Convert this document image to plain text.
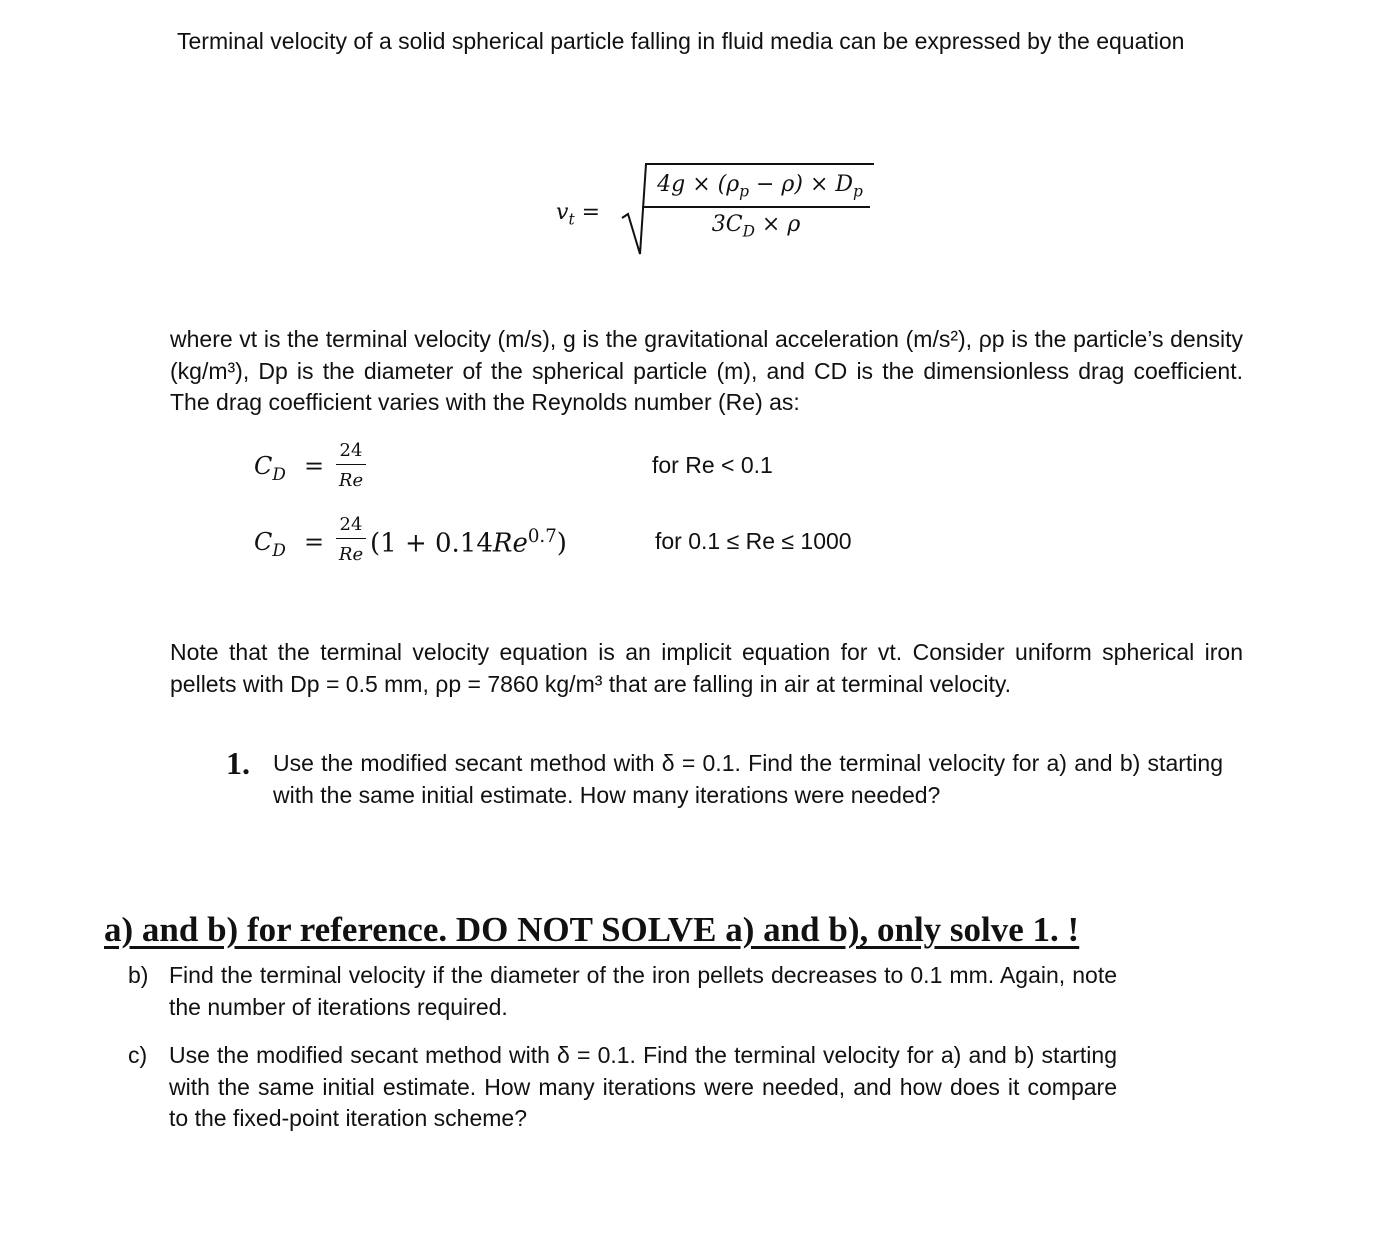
Terminal velocity of a solid spherical particle falling in fluid media can be expressed by the equation
$v_t$ =
$4g \times (\rho_p - \rho) \times D_p$
$3C_D \times \rho$
where vt is the terminal velocity (m/s), g is the gravitational acceleration (m/s²), ρp is the particle’s density (kg/m³), Dp is the diameter of the spherical particle (m), and CD is the dimensionless drag coefficient. The drag coefficient varies with the Reynolds number (Re) as:
$C_D$ =
24
Re
for Re < 0.1
$C_D$ =
24
Re $(1 + 0.14Re^{0.7})$	for 0.1 ≤ Re ≤ 1000
Note that the terminal velocity equation is an implicit equation for vt. Consider uniform spherical iron pellets with Dp = 0.5 mm, ρp = 7860 kg/m³ that are falling in air at terminal velocity.
1. Use the modified secant method with δ = 0.1. Find the terminal velocity for a) and b) starting with the same initial estimate. How many iterations were needed?
a) and b) for reference. DO NOT SOLVE a) and b), only solve 1. !
b) Find the terminal velocity if the diameter of the iron pellets decreases to 0.1 mm. Again, note the number of iterations required.
c) Use the modified secant method with δ = 0.1. Find the terminal velocity for a) and b) starting with the same initial estimate. How many iterations were needed, and how does it compare to the fixed-point iteration scheme?
